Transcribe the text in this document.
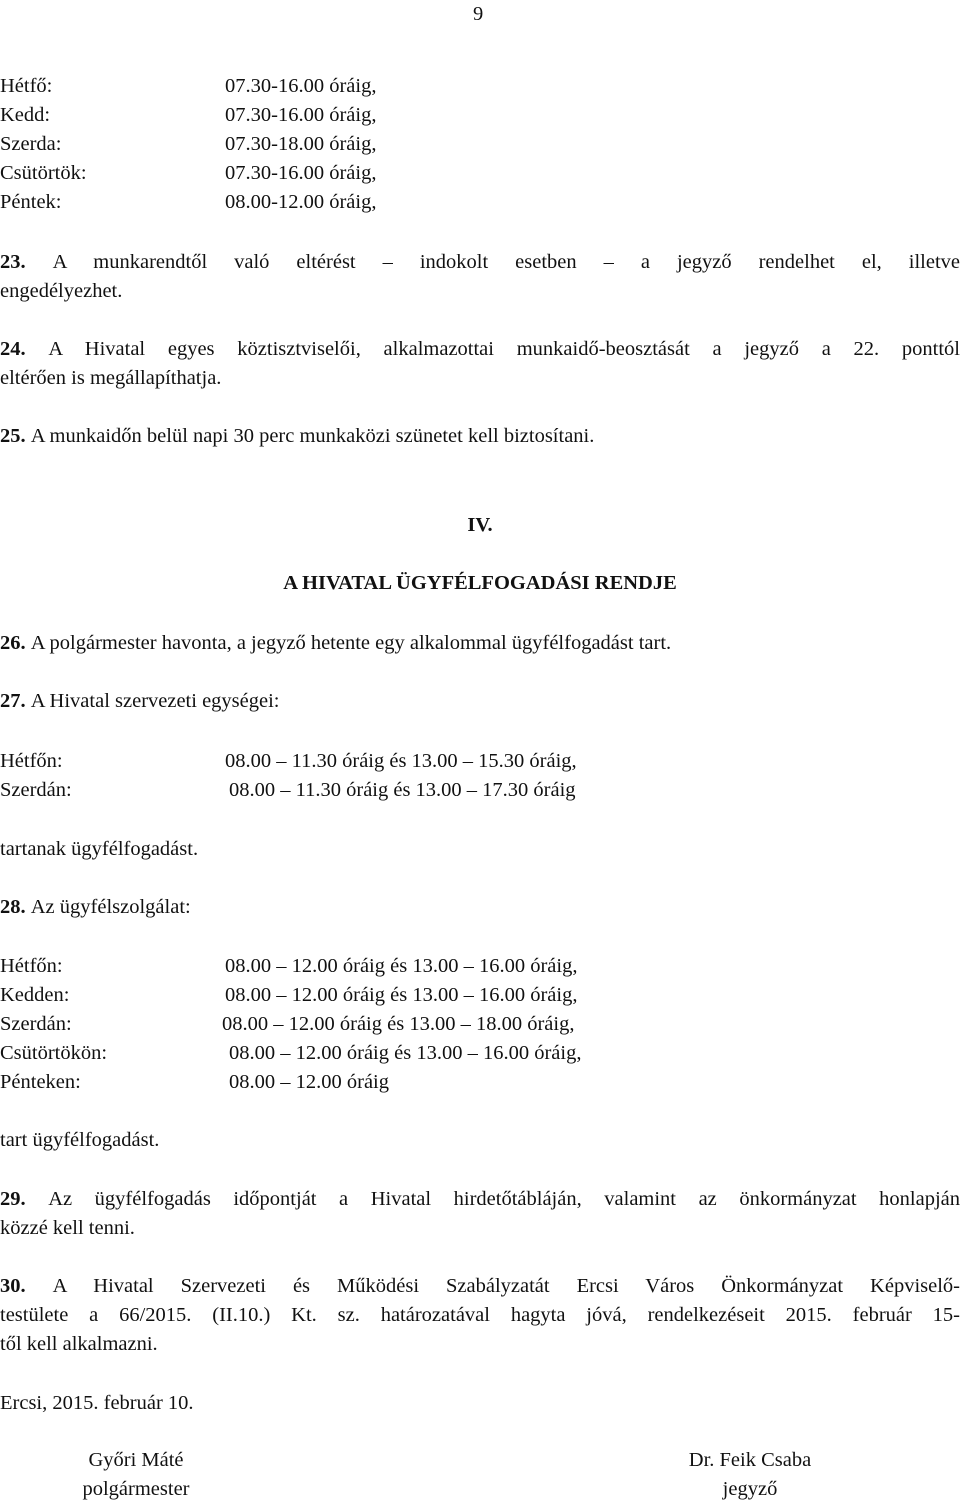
9
Hétfő:	07.30-16.00 óráig,
Kedd:	07.30-16.00 óráig,
Szerda:	07.30-18.00 óráig,
Csütörtök:	07.30-16.00 óráig,
Péntek:	08.00-12.00 óráig,
23. A munkarendtől való eltérést – indokolt esetben – a jegyző rendelhet el, illetve
engedélyezhet.
24. A Hivatal egyes köztisztviselői, alkalmazottai munkaidő-beosztását a jegyző a 22. ponttól
eltérően is megállapíthatja.
25. A munkaidőn belül napi 30 perc munkaközi szünetet kell biztosítani.
IV.
A HIVATAL ÜGYFÉLFOGADÁSI RENDJE
26. A polgármester havonta, a jegyző hetente egy alkalommal ügyfélfogadást tart.
27. A Hivatal szervezeti egységei:
Hétfőn:	08.00 – 11.30 óráig és 13.00 – 15.30 óráig,
Szerdán:	08.00 – 11.30 óráig és 13.00 – 17.30 óráig
tartanak ügyfélfogadást.
28. Az ügyfélszolgálat:
Hétfőn:	08.00 – 12.00 óráig és 13.00 – 16.00 óráig,
Kedden:	08.00 – 12.00 óráig és 13.00 – 16.00 óráig,
Szerdán:	08.00 – 12.00 óráig és 13.00 – 18.00 óráig,
Csütörtökön:	08.00 – 12.00 óráig és 13.00 – 16.00 óráig,
Pénteken:	08.00 – 12.00 óráig
tart ügyfélfogadást.
29. Az ügyfélfogadás időpontját a Hivatal hirdetőtábláján, valamint az önkormányzat honlapján
közzé kell tenni.
30. A Hivatal Szervezeti és Működési Szabályzatát Ercsi Város Önkormányzat Képviselő-
testülete a 66/2015. (II.10.) Kt. sz. határozatával hagyta jóvá, rendelkezéseit 2015. február 15-
től kell alkalmazni.
Ercsi, 2015. február 10.
Győri Máté
polgármester
Dr. Feik Csaba
jegyző
